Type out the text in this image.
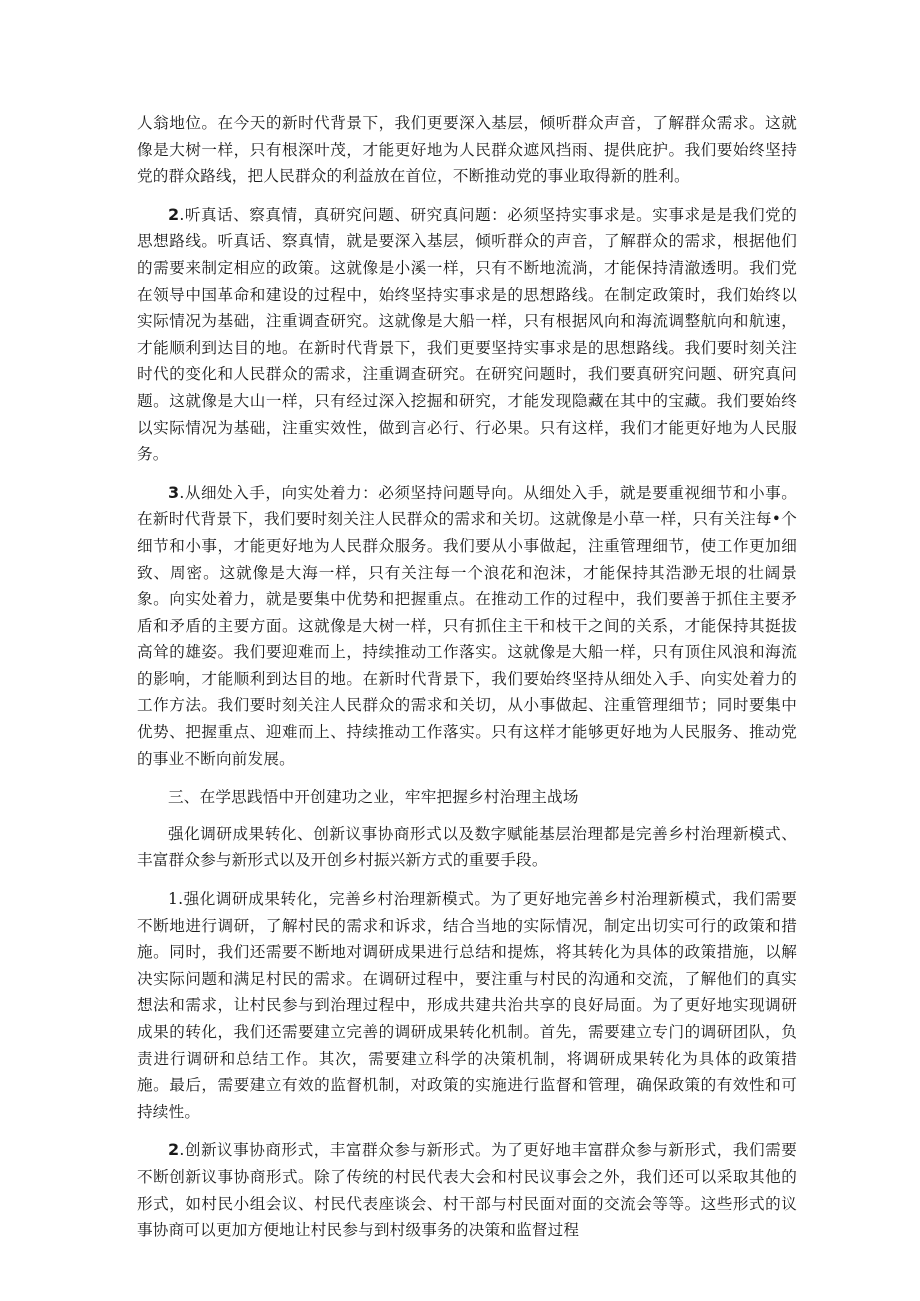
人翁地位。在今天的新时代背景下，我们更要深入基层，倾听群众声音，了解群众需求。这就像是大树一样，只有根深叶茂，才能更好地为人民群众遮风挡雨、提供庇护。我们要始终坚持党的群众路线，把人民群众的利益放在首位，不断推动党的事业取得新的胜利。

2.听真话、察真情，真研究问题、研究真问题：必须坚持实事求是。实事求是是我们党的思想路线。听真话、察真情，就是要深入基层，倾听群众的声音，了解群众的需求，根据他们的需要来制定相应的政策。这就像是小溪一样，只有不断地流淌，才能保持清澈透明。我们党在领导中国革命和建设的过程中，始终坚持实事求是的思想路线。在制定政策时，我们始终以实际情况为基础，注重调查研究。这就像是大船一样，只有根据风向和海流调整航向和航速，才能顺利到达目的地。在新时代背景下，我们更要坚持实事求是的思想路线。我们要时刻关注时代的变化和人民群众的需求，注重调查研究。在研究问题时，我们要真研究问题、研究真问题。这就像是大山一样，只有经过深入挖掘和研究，才能发现隐藏在其中的宝藏。我们要始终以实际情况为基础，注重实效性，做到言必行、行必果。只有这样，我们才能更好地为人民服务。

3.从细处入手，向实处着力：必须坚持问题导向。从细处入手，就是要重视细节和小事。在新时代背景下，我们要时刻关注人民群众的需求和关切。这就像是小草一样，只有关注每•个细节和小事，才能更好地为人民群众服务。我们要从小事做起，注重管理细节，使工作更加细致、周密。这就像是大海一样，只有关注每一个浪花和泡沫，才能保持其浩渺无垠的壮阔景象。向实处着力，就是要集中优势和把握重点。在推动工作的过程中，我们要善于抓住主要矛盾和矛盾的主要方面。这就像是大树一样，只有抓住主干和枝干之间的关系，才能保持其挺拔高耸的雄姿。我们要迎难而上，持续推动工作落实。这就像是大船一样，只有顶住风浪和海流的影响，才能顺利到达目的地。在新时代背景下，我们要始终坚持从细处入手、向实处着力的工作方法。我们要时刻关注人民群众的需求和关切，从小事做起、注重管理细节；同时要集中优势、把握重点、迎难而上、持续推动工作落实。只有这样才能够更好地为人民服务、推动党的事业不断向前发展。

三、在学思践悟中开创建功之业，牢牢把握乡村治理主战场

强化调研成果转化、创新议事协商形式以及数字赋能基层治理都是完善乡村治理新模式、丰富群众参与新形式以及开创乡村振兴新方式的重要手段。

1.强化调研成果转化，完善乡村治理新模式。为了更好地完善乡村治理新模式，我们需要不断地进行调研，了解村民的需求和诉求，结合当地的实际情况，制定出切实可行的政策和措施。同时，我们还需要不断地对调研成果进行总结和提炼，将其转化为具体的政策措施，以解决实际问题和满足村民的需求。在调研过程中，要注重与村民的沟通和交流，了解他们的真实想法和需求，让村民参与到治理过程中，形成共建共治共享的良好局面。为了更好地实现调研成果的转化，我们还需要建立完善的调研成果转化机制。首先，需要建立专门的调研团队，负责进行调研和总结工作。其次，需要建立科学的决策机制，将调研成果转化为具体的政策措施。最后，需要建立有效的监督机制，对政策的实施进行监督和管理，确保政策的有效性和可持续性。

2.创新议事协商形式，丰富群众参与新形式。为了更好地丰富群众参与新形式，我们需要不断创新议事协商形式。除了传统的村民代表大会和村民议事会之外，我们还可以采取其他的形式，如村民小组会议、村民代表座谈会、村干部与村民面对面的交流会等等。这些形式的议事协商可以更加方便地让村民参与到村级事务的决策和监督过程
